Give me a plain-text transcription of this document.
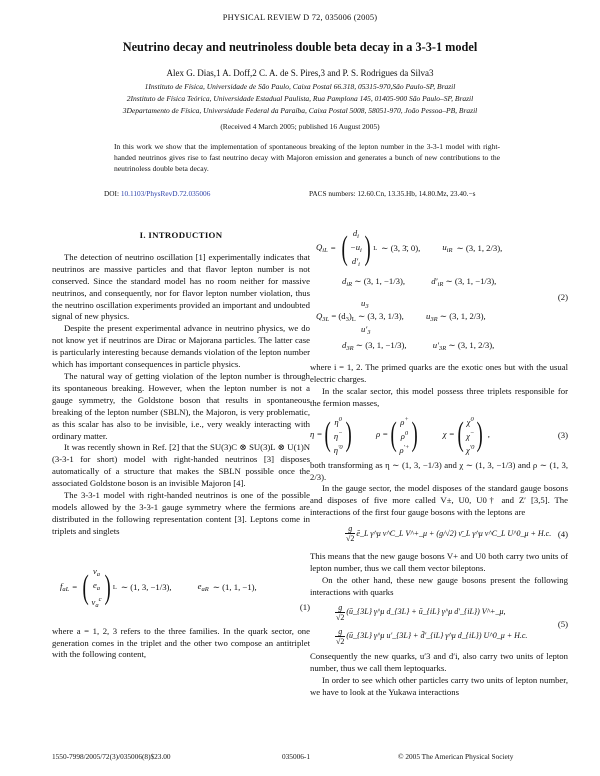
PHYSICAL REVIEW D 72, 035006 (2005)
Neutrino decay and neutrinoless double beta decay in a 3-3-1 model
Alex G. Dias,1 A. Doff,2 C. A. de S. Pires,3 and P. S. Rodrigues da Silva3
1Instituto de Física, Universidade de São Paulo, Caixa Postal 66.318, 05315-970,São Paulo-SP, Brazil
2Instituto de Física Teórica, Universidade Estadual Paulista, Rua Pamplona 145, 01405-900 São Paulo–SP, Brazil
3Departamento de Física, Universidade Federal da Paraíba, Caixa Postal 5008, 58051-970, João Pessoa–PB, Brazil
(Received 4 March 2005; published 16 August 2005)
In this work we show that the implementation of spontaneous breaking of the lepton number in the 3-3-1 model with right-handed neutrinos gives rise to fast neutrino decay with Majoron emission and generates a bunch of new contributions to the neutrinoless double beta decay.
DOI: 10.1103/PhysRevD.72.035006	PACS numbers: 12.60.Cn, 13.35.Hb, 14.80.Mz, 23.40.−s
I. INTRODUCTION

The detection of neutrino oscillation [1] experimentally indicates that neutrinos are massive particles and that flavor lepton number is not conserved. Since the standard model has no room neither for massive neutrinos, and consequently, nor for flavor lepton number violation, thus the neutrino oscillation experiments provided an important and undoubted signal of new physics.

Despite the present experimental advance in neutrino physics, we do not know yet if neutrinos are Dirac or Majorana particles. The latter case is particularly interesting because demands violation of the lepton number which has important consequences in particle physics.

The natural way of getting violation of the lepton number is through its spontaneous breaking. However, when the lepton number is not a gauge symmetry, the Goldstone boson that results in spontaneous breaking of the lepton number (SBLN), the Majoron, is very problematic, as this scalar has also to be invisible, i.e., very weakly interacting with ordinary matter.

It was recently shown in Ref. [2] that the SU(3)C ⊗ SU(3)L ⊗ U(1)N (3-3-1 for short) model with right-handed neutrinos [3] disposes automatically of a structure that makes the SBLN possible once the associated Goldstone boson is an invisible Majoron [4].

The 3-3-1 model with right-handed neutrinos is one of the possible models allowed by the 3-3-1 gauge symmetry where the fermions are distributed in the following representation content [3]. Leptons come in triplets and singlets

$f_{aL}$ = ( $\nu_a$
$e_a$
$\nu_a^c$ ) L ∼ (1, 3, −1/3),	$e_{aR}$ ∼ (1, 1, −1),
(1)

where a = 1, 2, 3 refers to the three families. In the quark sector, one generation comes in the triplet and the other two compose an antitriplet with the following content,

$Q_{iL}$ = ( $d_i$
$-u_i$
$d'_i$ ) L ∼ (3, 3̄, 0),	$u_{iR}$ ∼ (3, 1, 2/3),
$d_{iR}$ ∼ (3, 1, −1/3),	$d'_{iR}$ ∼ (3, 1, −1/3),
(2)
$u_3$
$Q_{3L} = (d_3)_L$ ∼ (3, 3, 1/3),	$u_{3R}$ ∼ (3, 1, 2/3),
$u'_3$
$d_{3R}$ ∼ (3, 1, −1/3),	$u'_{3R}$ ∼ (3, 1, 2/3),

where i = 1, 2. The primed quarks are the exotic ones but with the usual electric charges.

In the scalar sector, this model possess three triplets responsible for the fermion masses,

η = ( $\eta^0$
η−
$\eta^{'0}$ )	ρ = ( ρ+
$\rho^0$
ρ′+ )	χ = ( $\chi^0$
χ−
$\chi^{'0}$ ) ,	(3)

both transforming as η ∼ (1, 3, −1/3) and χ ∼ (1, 3, −1/3) and ρ ∼ (1, 3, 2/3).

In the gauge sector, the model disposes of the standard gauge bosons and disposes of five more called V±, U0, U0† and Z′ [3,5]. The interactions of the first four gauge bosons with the leptons are

$\frac{g}{√2}$ ē_L γ^μ ν^C_L V^+_μ + (g/√2) ν̄_L γ^μ ν^C_L U^0_μ + H.c. (4)

This means that the new gauge bosons V+ and U0 both carry two units of lepton number, thus we call them vector bileptons.

On the other hand, these new gauge bosons present the following interactions with quarks

$\frac{g}{√2}$ (ū_{3L} γ^μ d_{3L} + ū_{iL} γ^μ d′_{iL}) V^+_μ,
$\frac{g}{√2}$ (ū_{3L} γ^μ u′_{3L} + d̄′_{iL} γ^μ d_{iL}) U^0_μ + H.c.
(5)

Consequently the new quarks, u′3 and d′i, also carry two units of lepton number, thus we call them leptoquarks.

In order to see which other particles carry two units of lepton number, we have to look at the Yukawa interactions

1550-7998/2005/72(3)/035006(8)$23.00	035006-1	© 2005 The American Physical Society
